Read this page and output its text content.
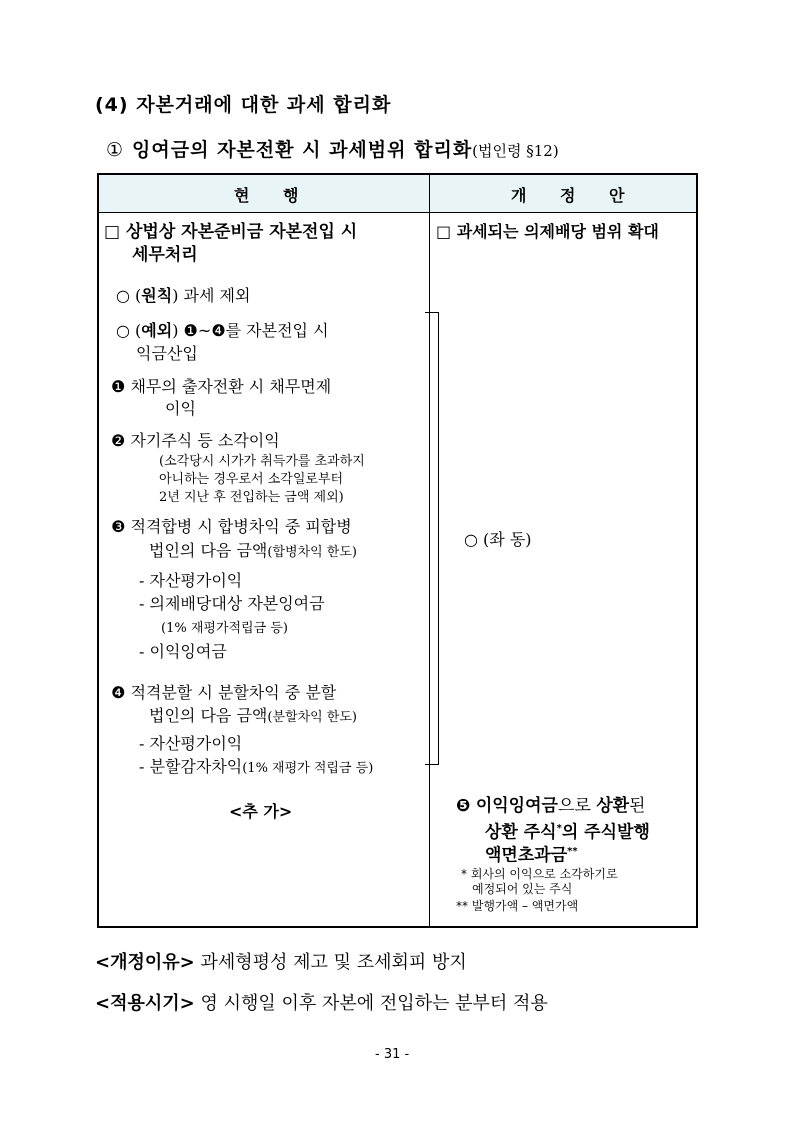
(4) 자본거래에 대한 과세 합리화
① 잉여금의 자본전환 시 과세범위 합리화(법인령 §12)
현 행	개 정 안
□ 상법상 자본준비금 자본전입 시
세무처리
○ (원칙) 과세 제외
○ (예외) ❶~❹를 자본전입 시
익금산입
❶ 채무의 출자전환 시 채무면제
이익
❷ 자기주식 등 소각이익
(소각당시 시가가 취득가를 초과하지
아니하는 경우로서 소각일로부터
2년 지난 후 전입하는 금액 제외)
❸ 적격합병 시 합병차익 중 피합병
법인의 다음 금액(합병차익 한도)
- 자산평가이익
- 의제배당대상 자본잉여금
(1% 재평가적립금 등)
- 이익잉여금
❹ 적격분할 시 분할차익 중 분할
법인의 다음 금액(분할차익 한도)
- 자산평가이익
- 분할감자차익(1% 재평가 적립금 등)
<추 가>
□ 과세되는 의제배당 범위 확대
○ (좌 동)
❺ 이익잉여금으로 상환된
상환 주식*의 주식발행
액면초과금**
* 회사의 이익으로 소각하기로
예정되어 있는 주식
** 발행가액 – 액면가액
<개정이유> 과세형평성 제고 및 조세회피 방지
<적용시기> 영 시행일 이후 자본에 전입하는 분부터 적용
- 31 -
